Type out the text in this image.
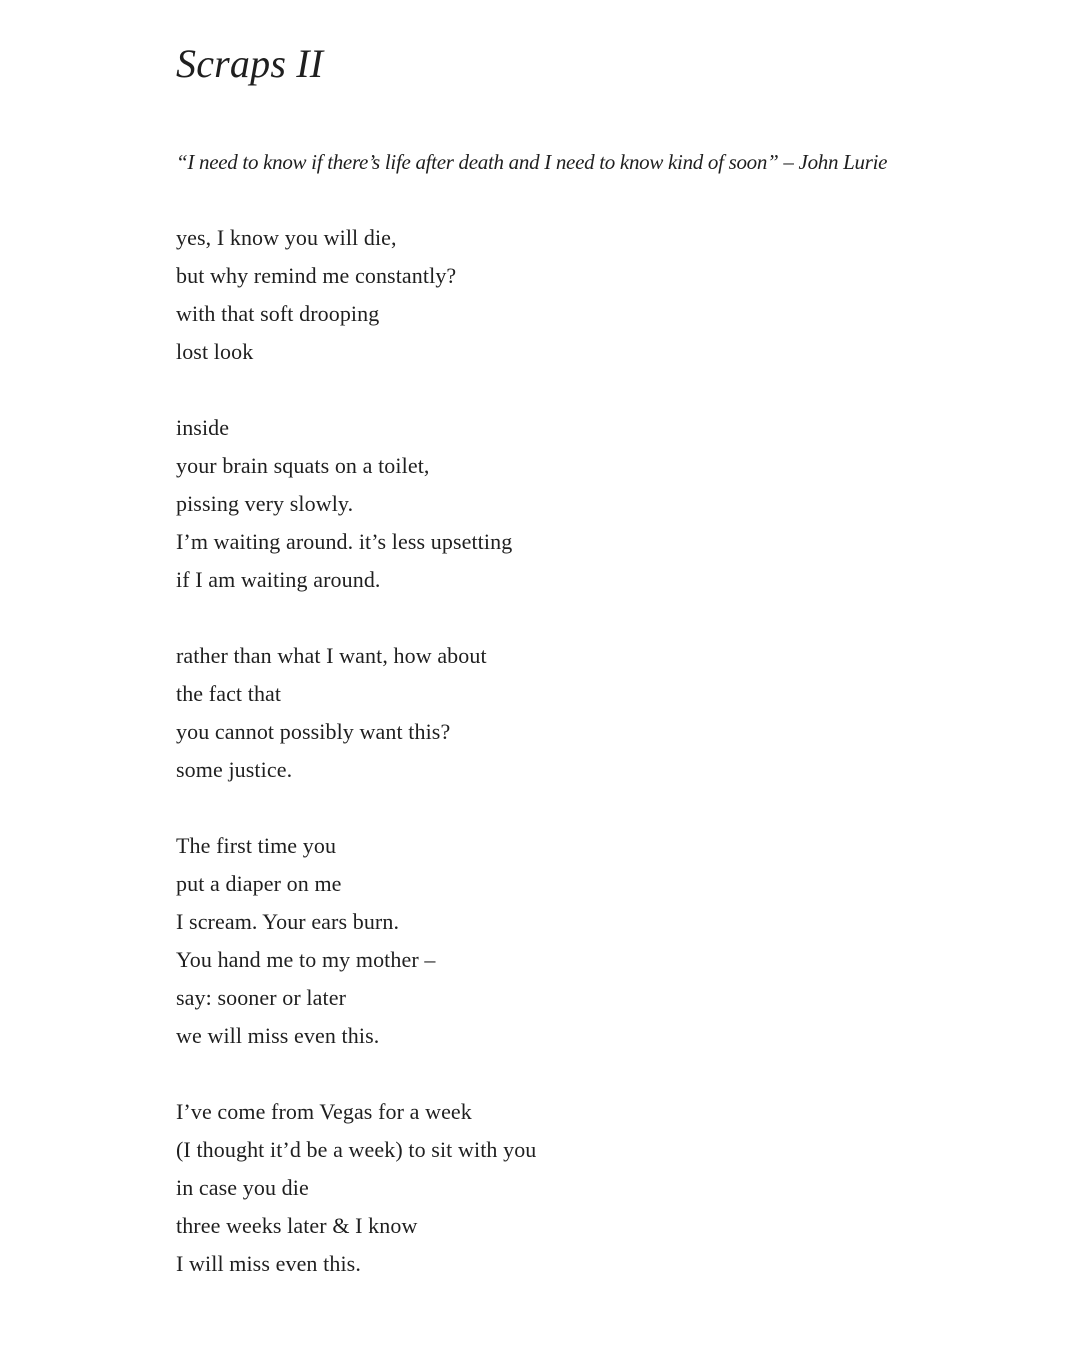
Scraps II

“I need to know if there’s life after death and I need to know kind of soon” – John Lurie

yes, I know you will die,
but why remind me constantly?
with that soft drooping
lost look
inside
your brain squats on a toilet,
pissing very slowly.
I’m waiting around. it’s less upsetting
if I am waiting around.
rather than what I want, how about
the fact that
you cannot possibly want this?
some justice.
The first time you
put a diaper on me
I scream. Your ears burn.
You hand me to my mother –
say: sooner or later
we will miss even this.
I’ve come from Vegas for a week
(I thought it’d be a week) to sit with you
in case you die
three weeks later & I know
I will miss even this.
